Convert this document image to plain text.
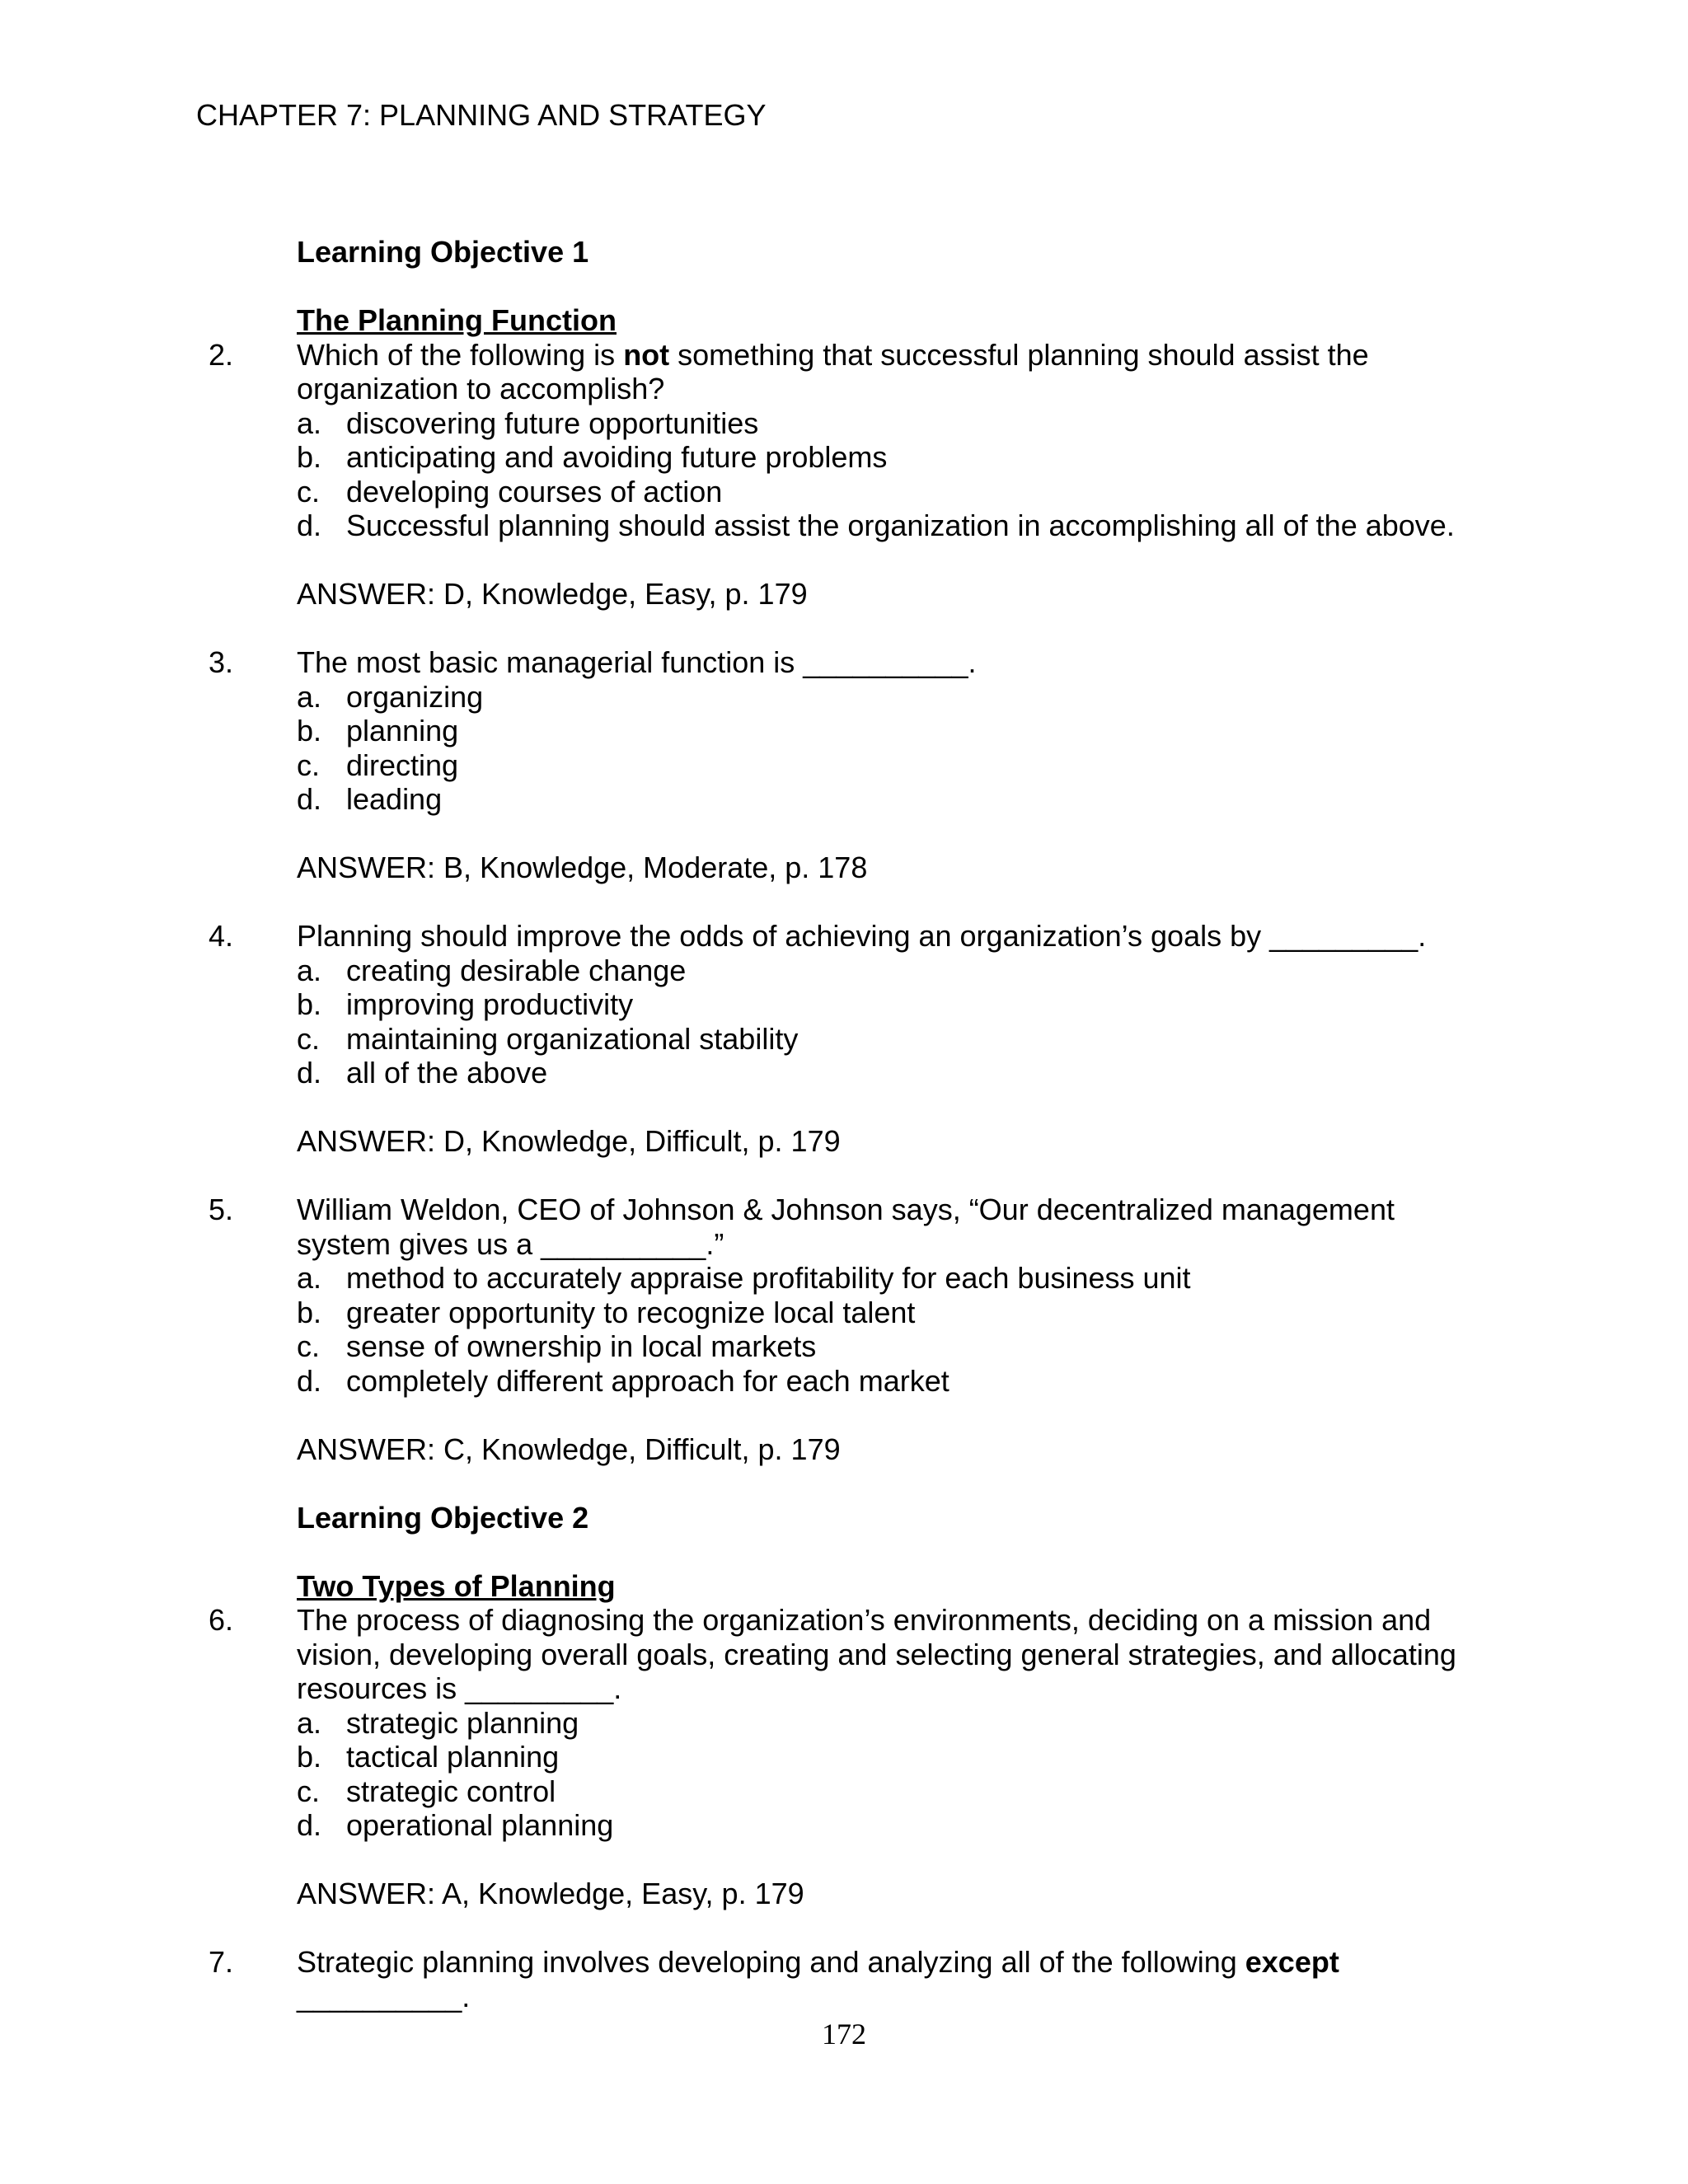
CHAPTER 7: PLANNING AND STRATEGY
Learning Objective 1
The Planning Function
2.	Which of the following is not something that successful planning should assist the organization to accomplish?
a. discovering future opportunities
b. anticipating and avoiding future problems
c. developing courses of action
d. Successful planning should assist the organization in accomplishing all of the above.
ANSWER: D, Knowledge, Easy, p. 179
3.	The most basic managerial function is __________.
a. organizing
b. planning
c. directing
d. leading
ANSWER: B, Knowledge, Moderate, p. 178
4.	Planning should improve the odds of achieving an organization’s goals by _________.
a. creating desirable change
b. improving productivity
c. maintaining organizational stability
d. all of the above
ANSWER: D, Knowledge, Difficult, p. 179
5.	William Weldon, CEO of Johnson & Johnson says, “Our decentralized management system gives us a __________.”
a. method to accurately appraise profitability for each business unit
b. greater opportunity to recognize local talent
c. sense of ownership in local markets
d. completely different approach for each market
ANSWER: C, Knowledge, Difficult, p. 179
Learning Objective 2
Two Types of Planning
6.	The process of diagnosing the organization’s environments, deciding on a mission and vision, developing overall goals, creating and selecting general strategies, and allocating resources is _________.
a. strategic planning
b. tactical planning
c. strategic control
d. operational planning
ANSWER: A, Knowledge, Easy, p. 179
7.	Strategic planning involves developing and analyzing all of the following except __________.
172
